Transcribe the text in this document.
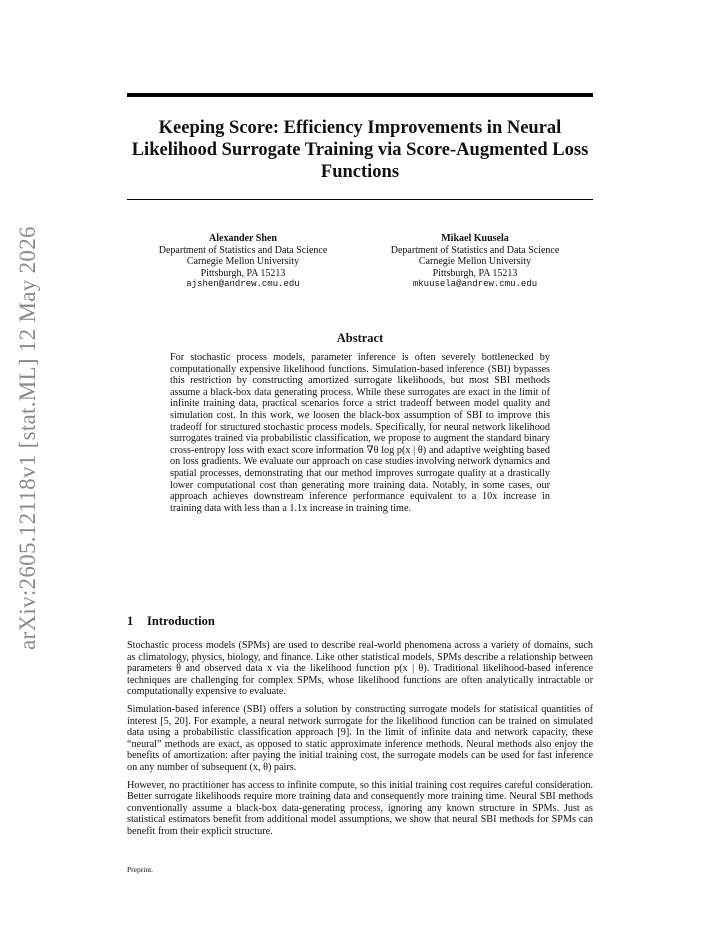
arXiv:2605.12118v1 [stat.ML] 12 May 2026
Keeping Score: Efficiency Improvements in Neural Likelihood Surrogate Training via Score-Augmented Loss Functions
Alexander Shen
Department of Statistics and Data Science
Carnegie Mellon University
Pittsburgh, PA 15213
ajshen@andrew.cmu.edu
Mikael Kuusela
Department of Statistics and Data Science
Carnegie Mellon University
Pittsburgh, PA 15213
mkuusela@andrew.cmu.edu
Abstract
For stochastic process models, parameter inference is often severely bottlenecked by computationally expensive likelihood functions. Simulation-based inference (SBI) bypasses this restriction by constructing amortized surrogate likelihoods, but most SBI methods assume a black-box data generating process. While these surrogates are exact in the limit of infinite training data, practical scenarios force a strict tradeoff between model quality and simulation cost. In this work, we loosen the black-box assumption of SBI to improve this tradeoff for structured stochastic process models. Specifically, for neural network likelihood surrogates trained via probabilistic classification, we propose to augment the standard binary cross-entropy loss with exact score information ∇θ log p(x | θ) and adaptive weighting based on loss gradients. We evaluate our approach on case studies involving network dynamics and spatial processes, demonstrating that our method improves surrogate quality at a drastically lower computational cost than generating more training data. Notably, in some cases, our approach achieves downstream inference performance equivalent to a 10x increase in training data with less than a 1.1x increase in training time.
1 Introduction

Stochastic process models (SPMs) are used to describe real-world phenomena across a variety of domains, such as climatology, physics, biology, and finance. Like other statistical models, SPMs describe a relationship between parameters θ and observed data x via the likelihood function p(x | θ). Traditional likelihood-based inference techniques are challenging for complex SPMs, whose likelihood functions are often analytically intractable or computationally expensive to evaluate.

Simulation-based inference (SBI) offers a solution by constructing surrogate models for statistical quantities of interest [5, 20]. For example, a neural network surrogate for the likelihood function can be trained on simulated data using a probabilistic classification approach [9]. In the limit of infinite data and network capacity, these “neural” methods are exact, as opposed to static approximate inference methods. Neural methods also enjoy the benefits of amortization: after paying the initial training cost, the surrogate models can be used for fast inference on any number of subsequent (x, θ) pairs.

However, no practitioner has access to infinite compute, so this initial training cost requires careful consideration. Better surrogate likelihoods require more training data and consequently more training time. Neural SBI methods conventionally assume a black-box data-generating process, ignoring any known structure in SPMs. Just as statistical estimators benefit from additional model assumptions, we show that neural SBI methods for SPMs can benefit from their explicit structure.

Preprint.
